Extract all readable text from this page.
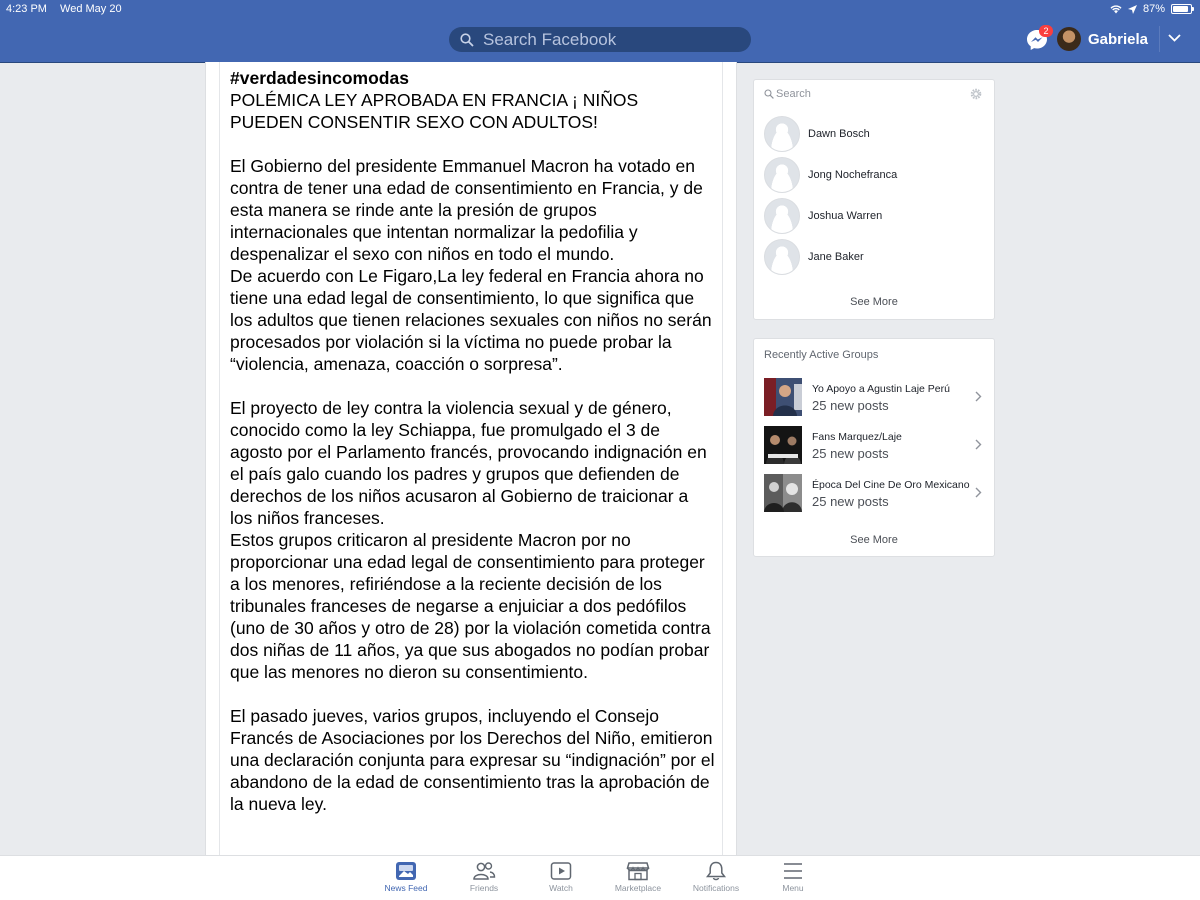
4:23 PM Wed May 20	87%
Search Facebook
2	Gabriela

#verdadesincomodas

POLÉMICA LEY APROBADA EN FRANCIA ¡ NIÑOS PUEDEN CONSENTIR SEXO CON ADULTOS!

El Gobierno del presidente Emmanuel Macron ha votado en contra de tener una edad de consentimiento en Francia, y de esta manera se rinde ante la presión de grupos internacionales que intentan normalizar la pedofilia y despenalizar el sexo con niños en todo el mundo.

De acuerdo con Le Figaro,La ley federal en Francia ahora no tiene una edad legal de consentimiento, lo que significa que los adultos que tienen relaciones sexuales con niños no serán procesados por violación si la víctima no puede probar la “violencia, amenaza, coacción o sorpresa”.

El proyecto de ley contra la violencia sexual y de género, conocido como la ley Schiappa, fue promulgado el 3 de agosto por el Parlamento francés, provocando indignación en el país galo cuando los padres y grupos que defienden de derechos de los niños acusaron al Gobierno de traicionar a los niños franceses.

Estos grupos criticaron al presidente Macron por no proporcionar una edad legal de consentimiento para proteger a los menores, refiriéndose a la reciente decisión de los tribunales franceses de negarse a enjuiciar a dos pedófilos (uno de 30 años y otro de 28) por la violación cometida contra dos niñas de 11 años, ya que sus abogados no podían probar que las menores no dieron su consentimiento.

El pasado jueves, varios grupos, incluyendo el Consejo Francés de Asociaciones por los Derechos del Niño, emitieron una declaración conjunta para expresar su “indignación” por el abandono de la edad de consentimiento tras la aprobación de la nueva ley.

Search
Dawn Bosch
Jong Nochefranca
Joshua Warren
Jane Baker
See More
Recently Active Groups
Yo Apoyo a Agustin Laje Perú
25 new posts
Fans Marquez/Laje
25 new posts
Época Del Cine De Oro Mexicano
25 new posts
See More
News Feed	Friends	Watch	Marketplace	Notifications	Menu
